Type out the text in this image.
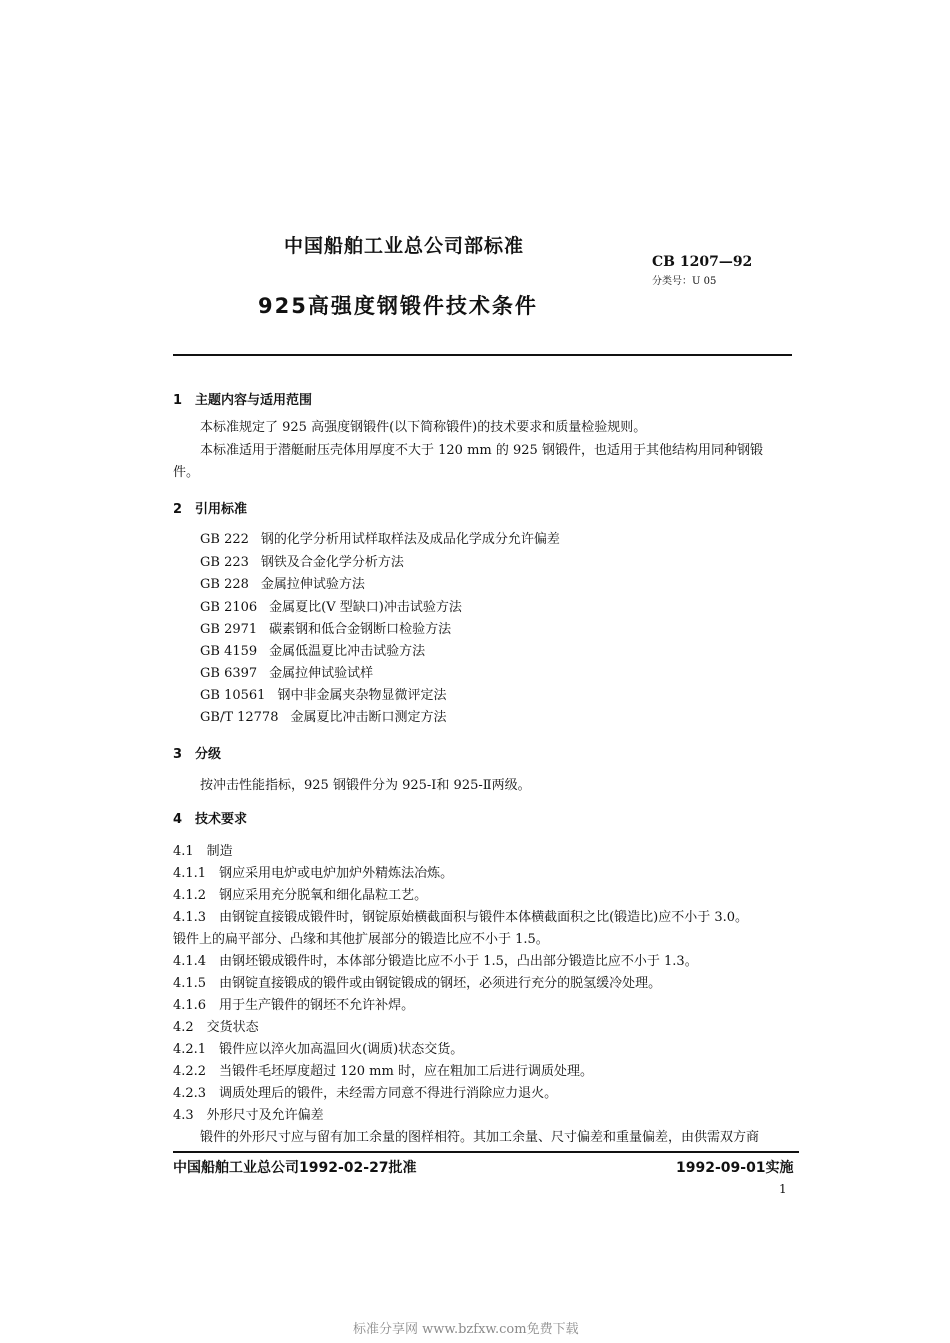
中国船舶工业总公司部标准
CB 1207—92
分类号：U 05
925高强度钢锻件技术条件
1　主题内容与适用范围
本标准规定了 925 高强度钢锻件(以下简称锻件)的技术要求和质量检验规则。
本标准适用于潜艇耐压壳体用厚度不大于 120 mm 的 925 钢锻件，也适用于其他结构用同种钢锻
件。
2　引用标准
GB 222 钢的化学分析用试样取样法及成品化学成分允许偏差
GB 223 钢铁及合金化学分析方法
GB 228 金属拉伸试验方法
GB 2106 金属夏比(V 型缺口)冲击试验方法
GB 2971 碳素钢和低合金钢断口检验方法
GB 4159 金属低温夏比冲击试验方法
GB 6397 金属拉伸试验试样
GB 10561 钢中非金属夹杂物显微评定法
GB/T 12778 金属夏比冲击断口测定方法
3　分级
按冲击性能指标，925 钢锻件分为 925-Ⅰ和 925-Ⅱ两级。
4　技术要求
4.1　制造
4.1.1　钢应采用电炉或电炉加炉外精炼法冶炼。
4.1.2　钢应采用充分脱氧和细化晶粒工艺。
4.1.3　由钢锭直接锻成锻件时，钢锭原始横截面积与锻件本体横截面积之比(锻造比)应不小于 3.0。
锻件上的扁平部分、凸缘和其他扩展部分的锻造比应不小于 1.5。
4.1.4　由钢坯锻成锻件时，本体部分锻造比应不小于 1.5，凸出部分锻造比应不小于 1.3。
4.1.5　由钢锭直接锻成的锻件或由钢锭锻成的钢坯，必须进行充分的脱氢缓冷处理。
4.1.6　用于生产锻件的钢坯不允许补焊。
4.2　交货状态
4.2.1　锻件应以淬火加高温回火(调质)状态交货。
4.2.2　当锻件毛坯厚度超过 120 mm 时，应在粗加工后进行调质处理。
4.2.3　调质处理后的锻件，未经需方同意不得进行消除应力退火。
4.3　外形尺寸及允许偏差
锻件的外形尺寸应与留有加工余量的图样相符。其加工余量、尺寸偏差和重量偏差，由供需双方商
中国船舶工业总公司1992-02-27批准	1992-09-01实施
1
标准分享网 www.bzfxw.com免费下载
